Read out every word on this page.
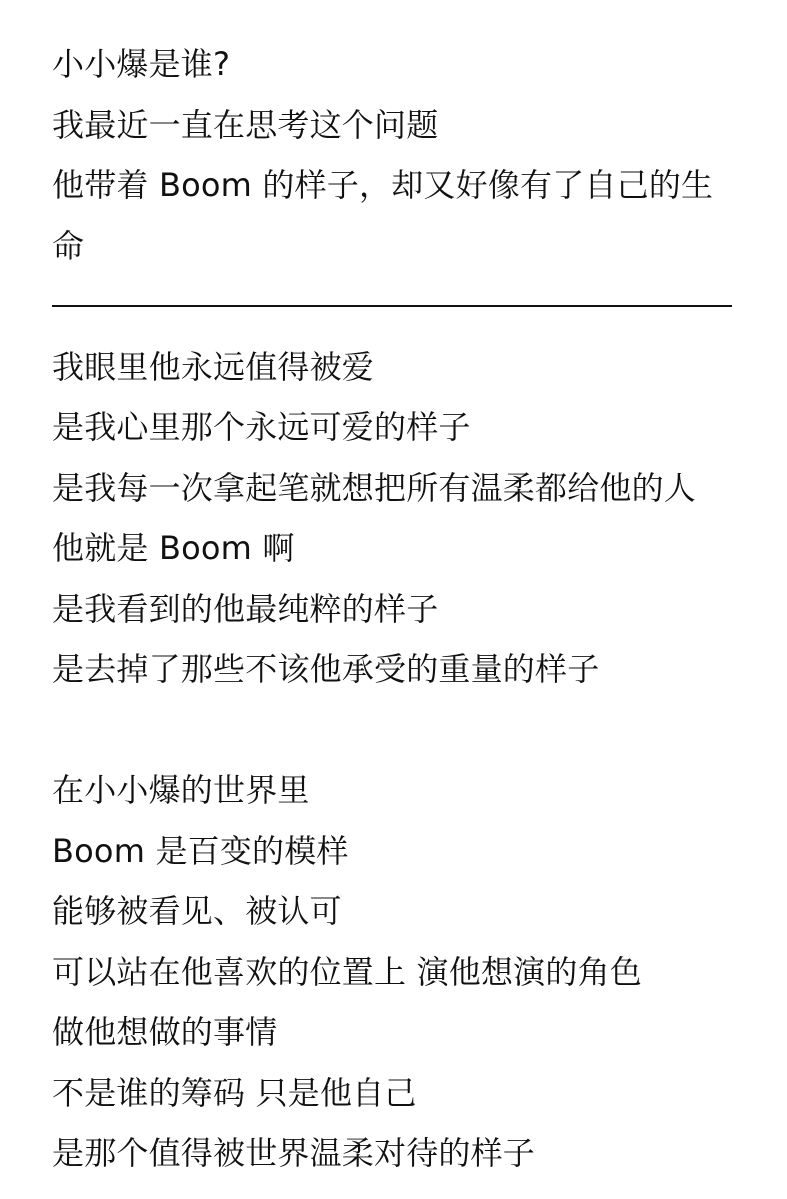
小小爆是谁?
我最近一直在思考这个问题
他带着 Boom 的样子，却又好像有了自己的生
命
我眼里他永远值得被爱
是我心里那个永远可爱的样子
是我每一次拿起笔就想把所有温柔都给他的人
他就是 Boom 啊
是我看到的他最纯粹的样子
是去掉了那些不该他承受的重量的样子
在小小爆的世界里
Boom 是百变的模样
能够被看见、被认可
可以站在他喜欢的位置上 演他想演的角色
做他想做的事情
不是谁的筹码 只是他自己
是那个值得被世界温柔对待的样子
